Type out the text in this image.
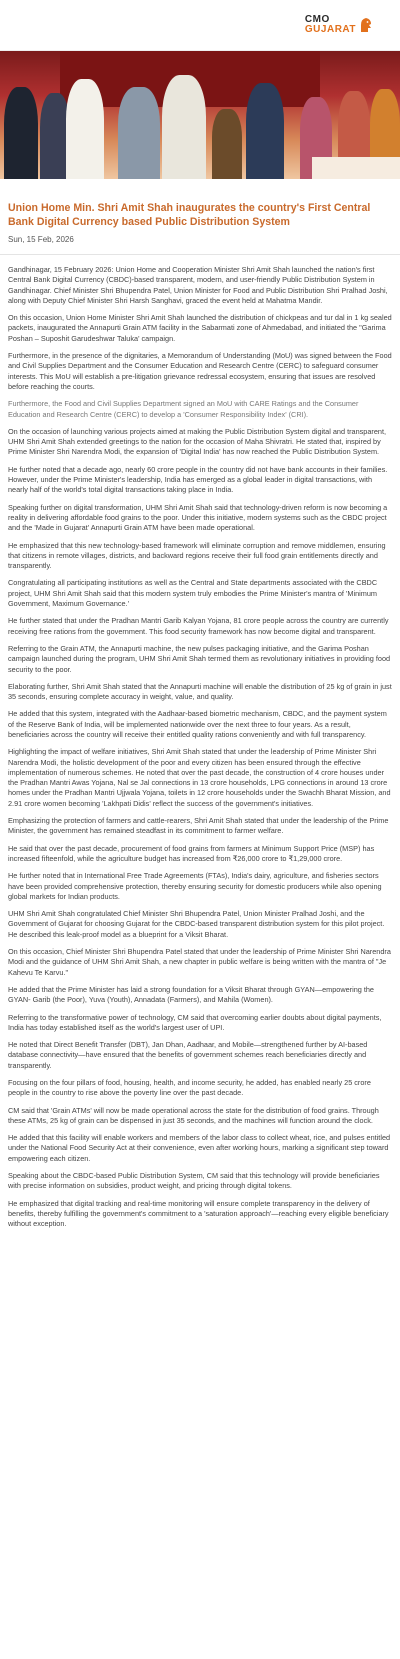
CMO
GUJARAT
Union Home Min. Shri Amit Shah inaugurates the country's First Central Bank Digital Currency based Public Distribution System
Sun, 15 Feb, 2026

Gandhinagar, 15 February 2026: Union Home and Cooperation Minister Shri Amit Shah launched the nation's first Central Bank Digital Currency (CBDC)-based transparent, modern, and user-friendly Public Distribution System in Gandhinagar. Chief Minister Shri Bhupendra Patel, Union Minister for Food and Public Distribution Shri Pralhad Joshi, along with Deputy Chief Minister Shri Harsh Sanghavi, graced the event held at Mahatma Mandir.

On this occasion, Union Home Minister Shri Amit Shah launched the distribution of chickpeas and tur dal in 1 kg sealed packets, inaugurated the Annapurti Grain ATM facility in the Sabarmati zone of Ahmedabad, and initiated the "Garima Poshan – Suposhit Garudeshwar Taluka' campaign.

Furthermore, in the presence of the dignitaries, a Memorandum of Understanding (MoU) was signed between the Food and Civil Supplies Department and the Consumer Education and Research Centre (CERC) to safeguard consumer interests. This MoU will establish a pre-litigation grievance redressal ecosystem, ensuring that issues are resolved before reaching the courts.

Furthermore, the Food and Civil Supplies Department signed an MoU with CARE Ratings and the Consumer Education and Research Centre (CERC) to develop a 'Consumer Responsibility Index' (CRI).

On the occasion of launching various projects aimed at making the Public Distribution System digital and transparent, UHM Shri Amit Shah extended greetings to the nation for the occasion of Maha Shivratri. He stated that, inspired by Prime Minister Shri Narendra Modi, the expansion of 'Digital India' has now reached the Public Distribution System.

He further noted that a decade ago, nearly 60 crore people in the country did not have bank accounts in their families. However, under the Prime Minister's leadership, India has emerged as a global leader in digital transactions, with nearly half of the world's total digital transactions taking place in India.

Speaking further on digital transformation, UHM Shri Amit Shah said that technology-driven reform is now becoming a reality in delivering affordable food grains to the poor. Under this initiative, modern systems such as the CBDC project and the 'Made in Gujarat' Annapurti Grain ATM have been made operational.

He emphasized that this new technology-based framework will eliminate corruption and remove middlemen, ensuring that citizens in remote villages, districts, and backward regions receive their full food grain entitlements directly and transparently.

Congratulating all participating institutions as well as the Central and State departments associated with the CBDC project, UHM Shri Amit Shah said that this modern system truly embodies the Prime Minister's mantra of 'Minimum Government, Maximum Governance.'

He further stated that under the Pradhan Mantri Garib Kalyan Yojana, 81 crore people across the country are currently receiving free rations from the government. This food security framework has now become digital and transparent.

Referring to the Grain ATM, the Annapurti machine, the new pulses packaging initiative, and the Garima Poshan campaign launched during the program, UHM Shri Amit Shah termed them as revolutionary initiatives in providing food security to the poor.

Elaborating further, Shri Amit Shah stated that the Annapurti machine will enable the distribution of 25 kg of grain in just 35 seconds, ensuring complete accuracy in weight, value, and quality.

He added that this system, integrated with the Aadhaar-based biometric mechanism, CBDC, and the payment system of the Reserve Bank of India, will be implemented nationwide over the next three to four years. As a result, beneficiaries across the country will receive their entitled quality rations conveniently and with full transparency.

Highlighting the impact of welfare initiatives, Shri Amit Shah stated that under the leadership of Prime Minister Shri Narendra Modi, the holistic development of the poor and every citizen has been ensured through the effective implementation of numerous schemes. He noted that over the past decade, the construction of 4 crore houses under the Pradhan Mantri Awas Yojana, Nal se Jal connections in 13 crore households, LPG connections in around 13 crore homes under the Pradhan Mantri Ujjwala Yojana, toilets in 12 crore households under the Swachh Bharat Mission, and 2.91 crore women becoming 'Lakhpati Didis' reflect the success of the government's initiatives.

Emphasizing the protection of farmers and cattle-rearers, Shri Amit Shah stated that under the leadership of the Prime Minister, the government has remained steadfast in its commitment to farmer welfare.

He said that over the past decade, procurement of food grains from farmers at Minimum Support Price (MSP) has increased fifteenfold, while the agriculture budget has increased from ₹26,000 crore to ₹1,29,000 crore.

He further noted that in International Free Trade Agreements (FTAs), India's dairy, agriculture, and fisheries sectors have been provided comprehensive protection, thereby ensuring security for domestic producers while also opening global markets for Indian products.

UHM Shri Amit Shah congratulated Chief Minister Shri Bhupendra Patel, Union Minister Pralhad Joshi, and the Government of Gujarat for choosing Gujarat for the CBDC-based transparent distribution system for this pilot project. He described this leak-proof model as a blueprint for a Viksit Bharat.

On this occasion, Chief Minister Shri Bhupendra Patel stated that under the leadership of Prime Minister Shri Narendra Modi and the guidance of UHM Shri Amit Shah, a new chapter in public welfare is being written with the mantra of "Je Kahevu Te Karvu."

He added that the Prime Minister has laid a strong foundation for a Viksit Bharat through GYAN—empowering the GYAN- Garib (the Poor), Yuva (Youth), Annadata (Farmers), and Mahila (Women).

Referring to the transformative power of technology, CM said that overcoming earlier doubts about digital payments, India has today established itself as the world's largest user of UPI.

He noted that Direct Benefit Transfer (DBT), Jan Dhan, Aadhaar, and Mobile—strengthened further by AI-based database connectivity—have ensured that the benefits of government schemes reach beneficiaries directly and transparently.

Focusing on the four pillars of food, housing, health, and income security, he added, has enabled nearly 25 crore people in the country to rise above the poverty line over the past decade.

CM said that 'Grain ATMs' will now be made operational across the state for the distribution of food grains. Through these ATMs, 25 kg of grain can be dispensed in just 35 seconds, and the machines will function around the clock.

He added that this facility will enable workers and members of the labor class to collect wheat, rice, and pulses entitled under the National Food Security Act at their convenience, even after working hours, marking a significant step toward empowering each citizen.

Speaking about the CBDC-based Public Distribution System, CM said that this technology will provide beneficiaries with precise information on subsidies, product weight, and pricing through digital tokens.

He emphasized that digital tracking and real-time monitoring will ensure complete transparency in the delivery of benefits, thereby fulfilling the government's commitment to a 'saturation approach'—reaching every eligible beneficiary without exception.
